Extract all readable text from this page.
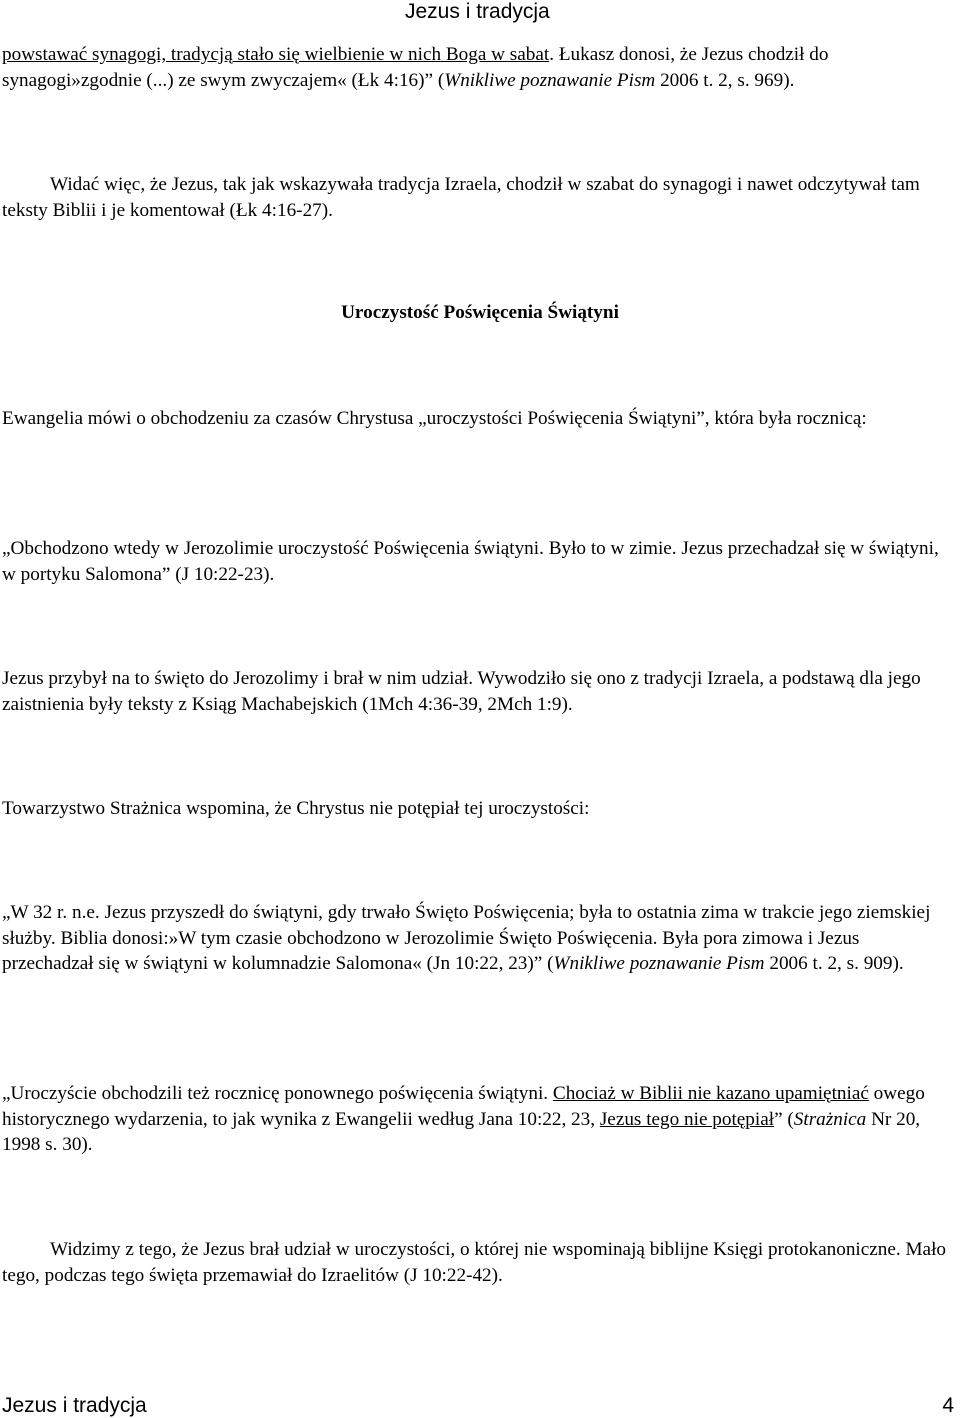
Jezus i tradycja

powstawać synagogi, tradycją stało się wielbienie w nich Boga w sabat. Łukasz donosi, że Jezus chodził do synagogi»zgodnie (...) ze swym zwyczajem« (Łk 4:16)” (Wnikliwe poznawanie Pism 2006 t. 2, s. 969).

Widać więc, że Jezus, tak jak wskazywała tradycja Izraela, chodził w szabat do synagogi i nawet odczytywał tam teksty Biblii i je komentował (Łk 4:16-27).

Uroczystość Poświęcenia Świątyni

Ewangelia mówi o obchodzeniu za czasów Chrystusa „uroczystości Poświęcenia Świątyni”, która była rocznicą:

„Obchodzono wtedy w Jerozolimie uroczystość Poświęcenia świątyni. Było to w zimie. Jezus przechadzał się w świątyni, w portyku Salomona” (J 10:22-23).

Jezus przybył na to święto do Jerozolimy i brał w nim udział. Wywodziło się ono z tradycji Izraela, a podstawą dla jego zaistnienia były teksty z Ksiąg Machabejskich (1Mch 4:36-39, 2Mch 1:9).

Towarzystwo Strażnica wspomina, że Chrystus nie potępiał tej uroczystości:

„W 32 r. n.e. Jezus przyszedł do świątyni, gdy trwało Święto Poświęcenia; była to ostatnia zima w trakcie jego ziemskiej służby. Biblia donosi:»W tym czasie obchodzono w Jerozolimie Święto Poświęcenia. Była pora zimowa i Jezus przechadzał się w świątyni w kolumnadzie Salomona« (Jn 10:22, 23)” (Wnikliwe poznawanie Pism 2006 t. 2, s. 909).

„Uroczyście obchodzili też rocznicę ponownego poświęcenia świątyni. Chociaż w Biblii nie kazano upamiętniać owego historycznego wydarzenia, to jak wynika z Ewangelii według Jana 10:22, 23, Jezus tego nie potępiał” (Strażnica Nr 20, 1998 s. 30).

Widzimy z tego, że Jezus brał udział w uroczystości, o której nie wspominają biblijne Księgi protokanoniczne. Mało tego, podczas tego święta przemawiał do Izraelitów (J 10:22-42).

Jezus i tradycja	4
